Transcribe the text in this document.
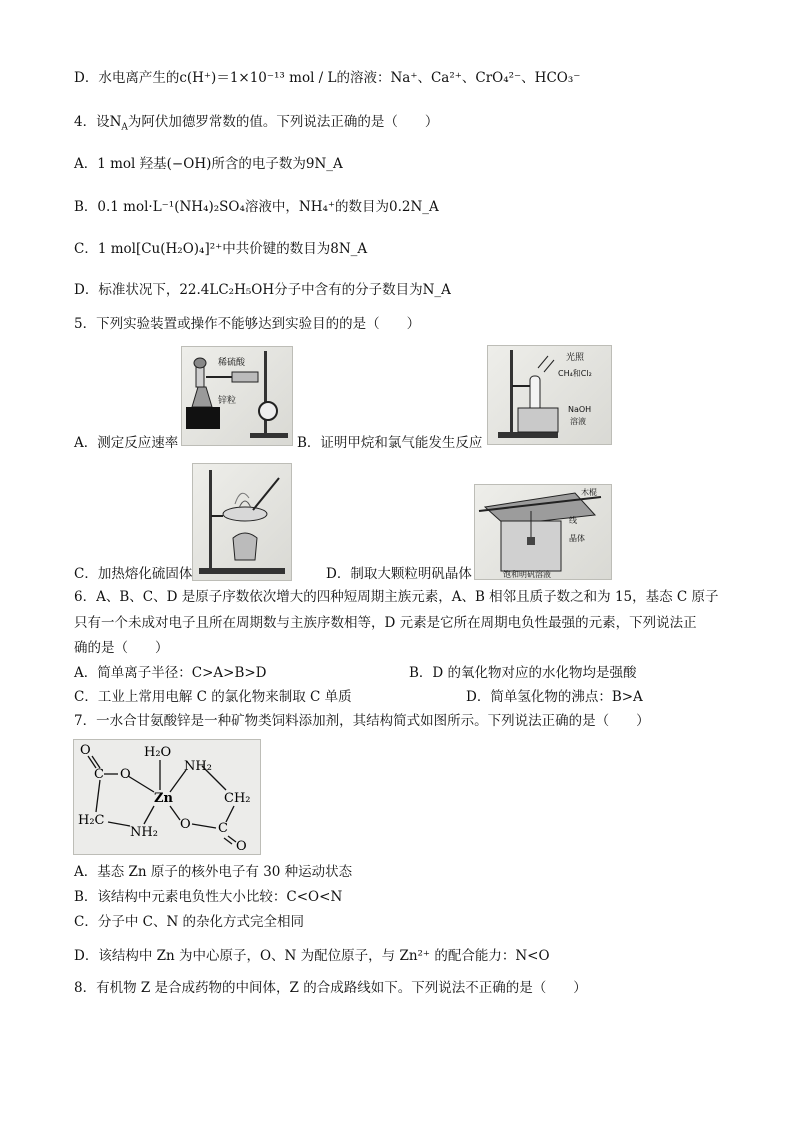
D．水电离产生的c(H⁺)＝1×10⁻¹³ mol / L的溶液：Na⁺、Ca²⁺、CrO₄²⁻、HCO₃⁻
4．设$N_A$为阿伏加德罗常数的值。下列说法正确的是（　　）
A．1 mol 羟基(−OH)所含的电子数为9N_A
B．0.1 mol·L⁻¹(NH₄)₂SO₄溶液中，NH₄⁺的数目为0.2N_A
C．1 mol[Cu(H₂O)₄]²⁺中共价键的数目为8N_A
D．标准状况下，22.4LC₂H₅OH分子中含有的分子数目为N_A
5．下列实验装置或操作不能够达到实验目的的是（　　）
稀硫酸
锌粒
A．测定反应速率
光照
CH₄和Cl₂
NaOH
溶液
B．证明甲烷和氯气能发生反应
C．加热熔化硫固体
木棍
线
晶体
饱和明矾溶液
D．制取大颗粒明矾晶体
6．A、B、C、D 是原子序数依次增大的四种短周期主族元素，A、B 相邻且质子数之和为 15，基态 C 原子
只有一个未成对电子且所在周期数与主族序数相等，D 元素是它所在周期电负性最强的元素，下列说法正
确的是（　　）
A．简单离子半径：C>A>B>D	B．D 的氧化物对应的水化物均是强酸
C．工业上常用电解 C 的氯化物来制取 C 单质	D．简单氢化物的沸点：B>A
7．一水合甘氨酸锌是一种矿物类饲料添加剂，其结构简式如图所示。下列说法正确的是（　　）
H₂O
O
NH₂
C
Zn	CH₂
H₂C
NH₂
O C
O
O
A．基态 Zn 原子的核外电子有 30 种运动状态
B．该结构中元素电负性大小比较：C<O<N
C．分子中 C、N 的杂化方式完全相同
D．该结构中 Zn 为中心原子，O、N 为配位原子，与 Zn²⁺ 的配合能力：N<O
8．有机物 Z 是合成药物的中间体，Z 的合成路线如下。下列说法不正确的是（　　）
